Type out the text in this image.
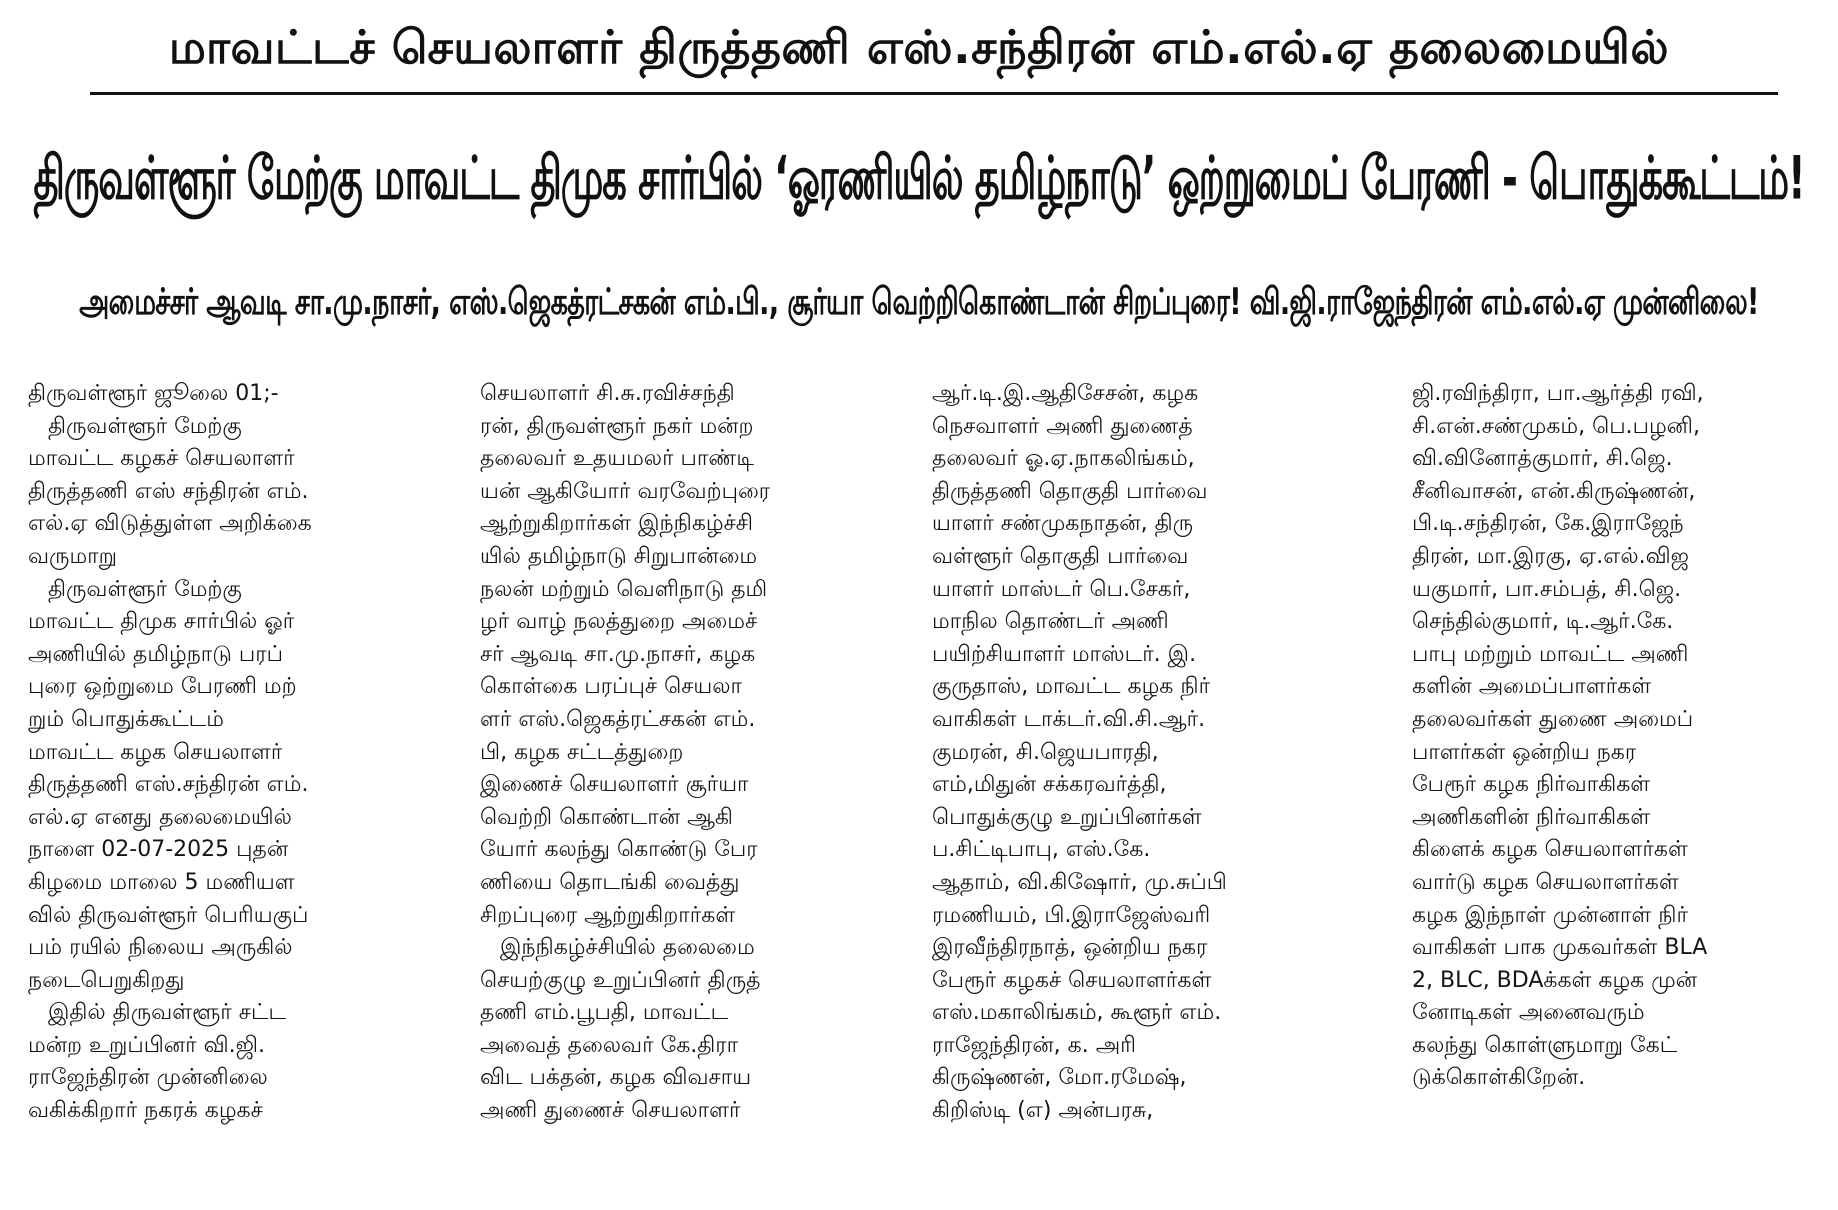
மாவட்டச் செயலாளர் திருத்தணி எஸ்.சந்திரன் எம்.எல்.ஏ தலைமையில்
திருவள்ளூர் மேற்கு மாவட்ட திமுக சார்பில் ‘ஓரணியில் தமிழ்நாடு’ ஒற்றுமைப் பேரணி - பொதுக்கூட்டம்!
அமைச்சர் ஆவடி சா.மு.நாசர், எஸ்.ஜெகத்ரட்சகன் எம்.பி., சூர்யா வெற்றிகொண்டான் சிறப்புரை! வி.ஜி.ராஜேந்திரன் எம்.எல்.ஏ முன்னிலை!
திருவள்ளூர் ஜூலை 01;-
திருவள்ளூர் மேற்கு
மாவட்ட கழகச் செயலாளர்
திருத்தணி எஸ் சந்திரன் எம்.
எல்.ஏ விடுத்துள்ள அறிக்கை
வருமாறு
திருவள்ளூர் மேற்கு
மாவட்ட திமுக சார்பில் ஓர்
அணியில் தமிழ்நாடு பரப்
புரை ஒற்றுமை பேரணி மற்
றும் பொதுக்கூட்டம்
மாவட்ட கழக செயலாளர்
திருத்தணி எஸ்.சந்திரன் எம்.
எல்.ஏ எனது தலைமையில்
நாளை 02-07-2025 புதன்
கிழமை மாலை 5 மணியள
வில் திருவள்ளூர் பெரியகுப்
பம் ரயில் நிலைய அருகில்
நடைபெறுகிறது
இதில் திருவள்ளூர் சட்ட
மன்ற உறுப்பினர் வி.ஜி.
ராஜேந்திரன் முன்னிலை
வகிக்கிறார் நகரக் கழகச்
செயலாளர் சி.சு.ரவிச்சந்தி
ரன், திருவள்ளூர் நகர் மன்ற
தலைவர் உதயமலர் பாண்டி
யன் ஆகியோர் வரவேற்புரை
ஆற்றுகிறார்கள் இந்நிகழ்ச்சி
யில் தமிழ்நாடு சிறுபான்மை
நலன் மற்றும் வெளிநாடு தமி
ழர் வாழ் நலத்துறை அமைச்
சர் ஆவடி சா.மு.நாசர், கழக
கொள்கை பரப்புச் செயலா
ளர் எஸ்.ஜெகத்ரட்சகன் எம்.
பி, கழக சட்டத்துறை
இணைச் செயலாளர் சூர்யா
வெற்றி கொண்டான் ஆகி
யோர் கலந்து கொண்டு பேர
ணியை தொடங்கி வைத்து
சிறப்புரை ஆற்றுகிறார்கள்
இந்நிகழ்ச்சியில் தலைமை
செயற்குழு உறுப்பினர் திருத்
தணி எம்.பூபதி, மாவட்ட
அவைத் தலைவர் கே.திரா
விட பக்தன், கழக விவசாய
அணி துணைச் செயலாளர்
ஆர்.டி.இ.ஆதிசேசன், கழக
நெசவாளர் அணி துணைத்
தலைவர் ஓ.ஏ.நாகலிங்கம்,
திருத்தணி தொகுதி பார்வை
யாளர் சண்முகநாதன், திரு
வள்ளூர் தொகுதி பார்வை
யாளர் மாஸ்டர் பெ.சேகர்,
மாநில தொண்டர் அணி
பயிற்சியாளர் மாஸ்டர். இ.
குருதாஸ், மாவட்ட கழக நிர்
வாகிகள் டாக்டர்.வி.சி.ஆர்.
குமரன், சி.ஜெயபாரதி,
எம்,மிதுன் சக்கரவர்த்தி,
பொதுக்குழு உறுப்பினர்கள்
ப.சிட்டிபாபு, எஸ்.கே.
ஆதாம், வி.கிஷோர், மு.சுப்பி
ரமணியம், பி.இராஜேஸ்வரி
இரவீந்திரநாத், ஒன்றிய நகர
பேரூர் கழகச் செயலாளர்கள்
எஸ்.மகாலிங்கம், கூளூர் எம்.
ராஜேந்திரன், க. அரி
கிருஷ்ணன், மோ.ரமேஷ்,
கிறிஸ்டி (எ) அன்பரசு,
ஜி.ரவிந்திரா, பா.ஆர்த்தி ரவி,
சி.என்.சண்முகம், பெ.பழனி,
வி.வினோத்குமார், சி.ஜெ.
சீனிவாசன், என்.கிருஷ்ணன்,
பி.டி.சந்திரன், கே.இராஜேந்
திரன், மா.இரகு, ஏ.எல்.விஜ
யகுமார், பா.சம்பத், சி.ஜெ.
செந்தில்குமார், டி.ஆர்.கே.
பாபு மற்றும் மாவட்ட அணி
களின் அமைப்பாளர்கள்
தலைவர்கள் துணை அமைப்
பாளர்கள் ஒன்றிய நகர
பேரூர் கழக நிர்வாகிகள்
அணிகளின் நிர்வாகிகள்
கிளைக் கழக செயலாளர்கள்
வார்டு கழக செயலாளர்கள்
கழக இந்நாள் முன்னாள் நிர்
வாகிகள் பாக முகவர்கள் BLA
2, BLC, BDAக்கள் கழக முன்
னோடிகள் அனைவரும்
கலந்து கொள்ளுமாறு கேட்
டுக்கொள்கிறேன்.
